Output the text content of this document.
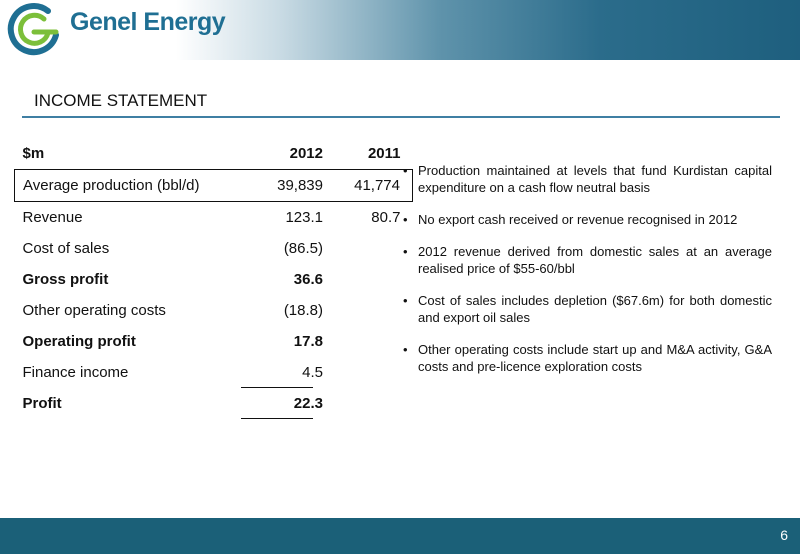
Genel Energy
INCOME STATEMENT
$m	2012	2011
Average production (bbl/d)	39,839	41,774
Revenue	123.1	80.7
Cost of sales	(86.5)	
Gross profit	36.6	
Other operating costs	(18.8)	
Operating profit	17.8	
Finance income	4.5	
Profit	22.3	
• Production maintained at levels that fund Kurdistan capital expenditure on a cash flow neutral basis
• No export cash received or revenue recognised in 2012
• 2012 revenue derived from domestic sales at an average realised price of $55-60/bbl
• Cost of sales includes depletion ($67.6m) for both domestic and export oil sales
• Other operating costs include start up and M&A activity, G&A costs and pre-licence exploration costs
6
